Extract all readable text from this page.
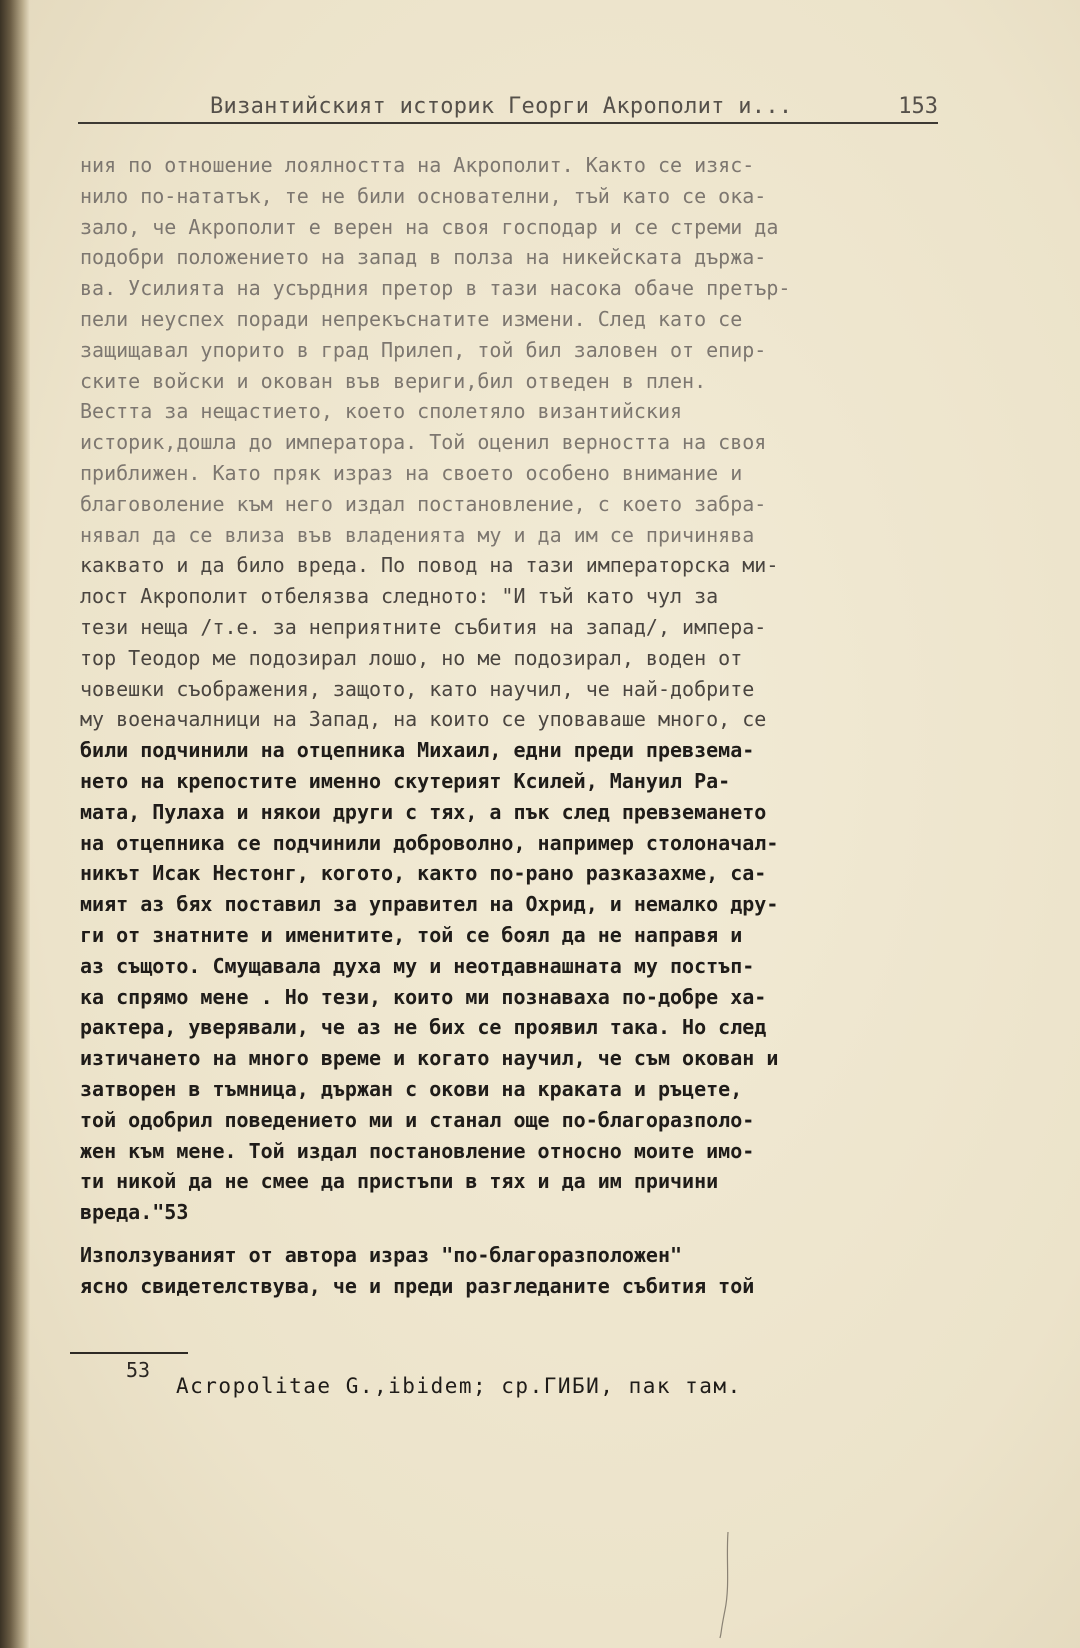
Византийският историк Георги Акрополит и...	153
ния по отношение лоялността на Акрополит. Както се изяс-
нило по-нататък, те не били основателни, тъй като се ока-
зало, че Акрополит е верен на своя господар и се стреми да
подобри положението на запад в полза на никейската държа-
ва. Усилията на усърдния претор в тази насока обаче претър-
пели неуспех поради непрекъснатите измени. След като се
защищавал упорито в град Прилеп, той бил заловен от епир-
ските войски и окован във вериги,бил отведен в плен.
Вестта за нещастието, което сполетяло византийския
историк,дошла до императора. Той оценил верността на своя
приближен. Като пряк израз на своето особено внимание и
благоволение към него издал постановление, с което забра-
нявал да се влиза във владенията му и да им се причинява
каквато и да било вреда. По повод на тази императорска ми-
лост Акрополит отбелязва следното: "И тъй като чул за
тези неща /т.е. за неприятните събития на запад/, импера-
тор Теодор ме подозирал лошо, но ме подозирал, воден от
човешки съображения, защото, като научил, че най-добрите
му военачалници на Запад, на които се уповаваше много, се
били подчинили на отцепника Михаил, едни преди превзема-
нето на крепостите именно скутерият Ксилей, Мануил Ра-
мата, Пулаха и някои други с тях, а пък след превземането
на отцепника се подчинили доброволно, например столоначал-
никът Исак Нестонг, когото, както по-рано разказахме, са-
мият аз бях поставил за управител на Охрид, и немалко дру-
ги от знатните и именитите, той се боял да не направя и
аз същото. Смущавала духа му и неотдавнашната му постъп-
ка спрямо мене . Но тези, които ми познаваха по-добре ха-
рактера, уверявали, че аз не бих се проявил така. Но след
изтичането на много време и когато научил, че съм окован и
затворен в тъмница, държан с окови на краката и ръцете,
той одобрил поведението ми и станал още по-благоразполо-
жен към мене. Той издал постановление относно моите имо-
ти никой да не смее да пристъпи в тях и да им причини
вреда."53
Използуваният от автора израз "по-благоразположен"
ясно свидетелствува, че и преди разгледаните събития той
53
Acropolitae G.,ibidem; ср.ГИБИ, пак там.
